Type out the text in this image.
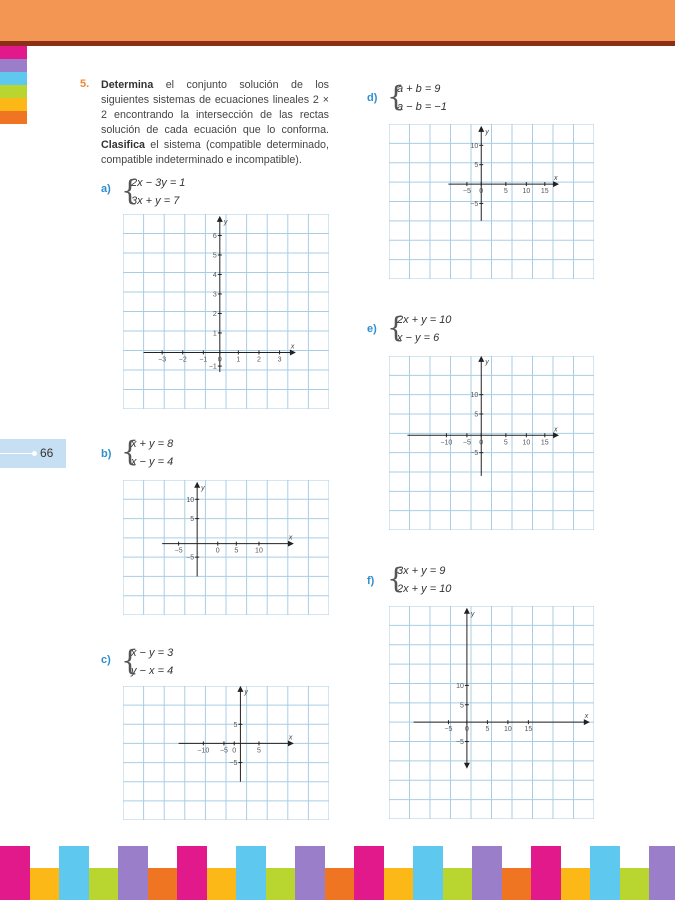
66
5. Determina el conjunto solución de los siguientes sistemas de ecuaciones lineales 2 × 2 encontrando la intersección de las rectas solución de cada ecuación que lo conforma. Clasifica el sistema (compatible determinado, compatible indeterminado e incompatible).
a) {
2x − 3y = 1
3x + y = 7
x
y
−3 −2 −1 0 1 2 3
1
2
3
4
5
6
−1
b) {
x + y = 8
x − y = 4
x
y
−5	0 5 10
10
5
−5
c) {
x − y = 3
y − x = 4
x
y
−10 −5 0	5
5
−5
d) {
a + b = 9
a − b = −1
x
y
−5 0	5 10 15
10
5
−5
e) {
2x + y = 10
x − y = 6
x
y
−10 −5 0	5 10 15
10
5
−5
f) {
3x + y = 9
2x + y = 10
x
y
−5 0 5 10 15
10
5
−5
